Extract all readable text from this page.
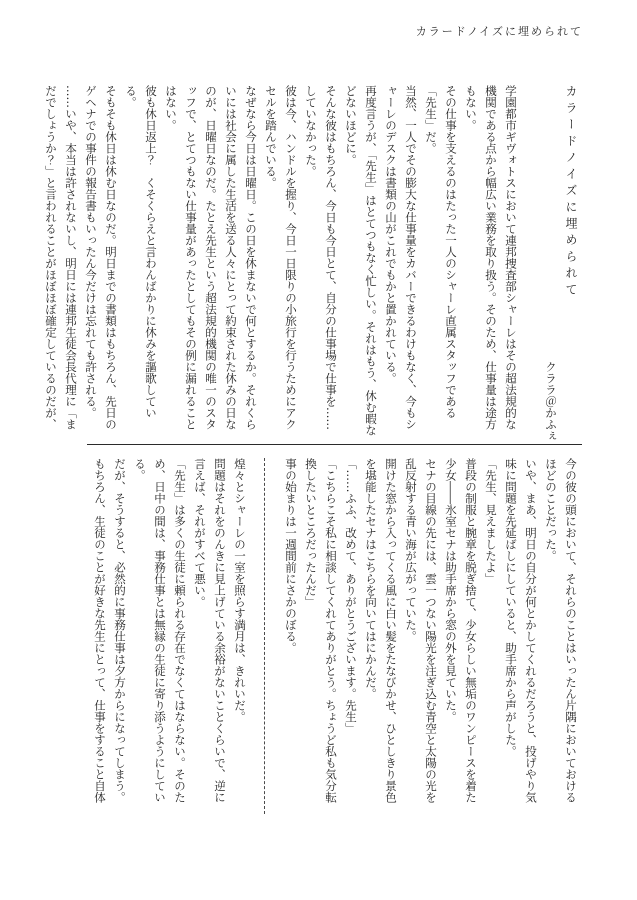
カラードノイズに埋められて

カラードノイズに埋められて

クララ＠かふぇ

学園都市ギヴォトスにおいて連邦捜査部シャーレはその超法規的な機関である点から幅広い業務を取り扱う。そのため、仕事量は途方もない。

その仕事を支えるのはたった一人のシャーレ直属スタッフである「先生」だ。

当然、一人でその膨大な仕事量をカバーできるわけもなく、今もシャーレのデスクは書類の山がこれでもかと置かれている。

再度言うが、「先生」はとてつもなく忙しい。それはもう、休む暇などないほどに。

そんな彼はもちろん、今日も今日とて、自分の仕事場で仕事を……していなかった。

彼は今、ハンドルを握り、今日一日限りの小旅行を行うためにアクセルを踏んでいる。

なぜなら今日は日曜日。この日を休まないで何とするか。それくらいには社会に属した生活を送る人々にとって約束された休みの日なのが、日曜日なのだ。たとえ先生という超法規的機関の唯一のスタッフで、とてつもない仕事量があったとしてもその例に漏れることはない。

彼も休日返上？　くそくらえと言わんばかりに休みを謳歌している。

そもそも休日は休む日なのだ。明日までの書類はもちろん、先日のゲヘナでの事件の報告書もいったん今だけは忘れても許される。

……いや、本当は許されないし、明日には連邦生徒会長代理に「まだでしょうか？」と言われることがほぼほぼ確定しているのだが、

今の彼の頭において、それらのことはいったん片隅においておけるほどのことだった。

いや、まあ、明日の自分が何とかしてくれるだろうと、投げやり気味に問題を先延ばしにしていると、助手席から声がした。

「先生、見えましたよ」

普段の制服と腕章を脱ぎ捨て、少女らしい無垢のワンピースを着た少女――氷室セナは助手席から窓の外を見ていた。

セナの目線の先には、雲一つない陽光を注ぎ込む青空と太陽の光を乱反射する青い海が広がっていた。

開けた窓から入ってくる風に白い髪をたなびかせ、ひとしきり景色を堪能したセナはこちらを向いてはにかんだ。

「……ふふ、改めて、ありがとうございます。先生」

「こちらこそ私に相談してくれてありがとう。ちょうど私も気分転換したいところだったんだ」

事の始まりは一週間前にさかのぼる。

煌々とシャーレの一室を照らす満月は、きれいだ。

問題はそれをのんきに見上げている余裕がないことくらいで、逆に言えば、それがすべて悪い。

「先生」は多くの生徒に頼られる存在でなくてはならない。そのため、日中の間は、事務仕事とは無縁の生徒に寄り添うようにしている。

だが、そうすると、必然的に事務仕事は夕方からになってしまう。

もちろん、生徒のことが好きな先生にとって、仕事をすること自体
